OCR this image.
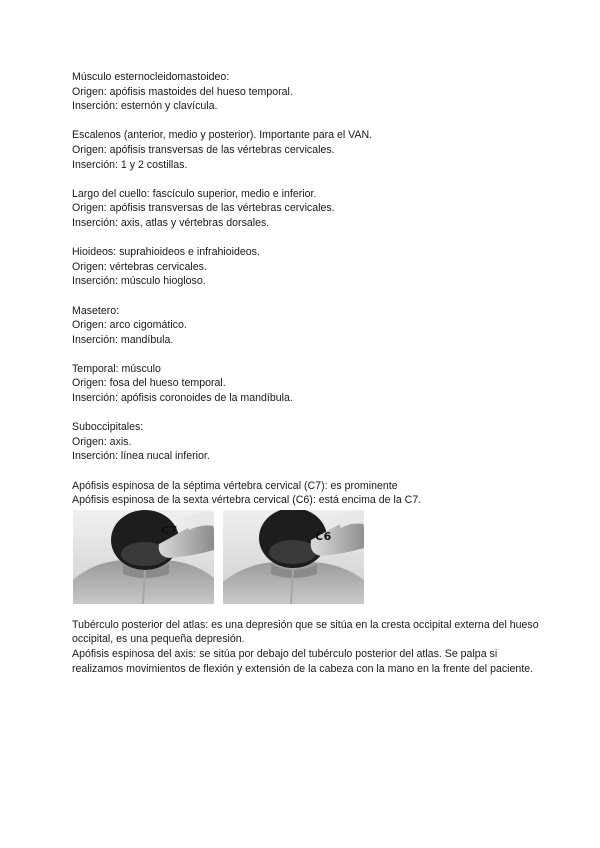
Músculo esternocleidomastoideo:
Origen: apófisis mastoides del hueso temporal.
Inserción: esternón y clavícula.
Escalenos (anterior, medio y posterior). Importante para el VAN.
Origen: apófisis transversas de las vértebras cervicales.
Inserción: 1 y 2 costillas.
Largo del cuello: fascículo superior, medio e inferior.
Origen: apófisis transversas de las vértebras cervicales.
Inserción: axis, atlas y vértebras dorsales.
Hioideos: suprahioideos e infrahioideos.
Origen: vértebras cervicales.
Inserción: músculo hiogloso.
Masetero:
Origen: arco cigomático.
Inserción: mandíbula.
Temporal: músculo
Origen: fosa del hueso temporal.
Inserción: apófisis coronoides de la mandíbula.
Suboccipitales:
Origen: axis.
Inserción: línea nucal inferior.
Apófisis espinosa de la séptima vértebra cervical (C7): es prominente
Apófisis espinosa de la sexta vértebra cervical (C6): está encima de la C7.
C7	C6
Tubérculo posterior del atlas: es una depresión que se sitúa en la cresta occipital externa del hueso occipital, es una pequeña depresión.
Apófisis espinosa del axis: se sitúa por debajo del tubérculo posterior del atlas. Se palpa si realizamos movimientos de flexión y extensión de la cabeza con la mano en la frente del paciente.
